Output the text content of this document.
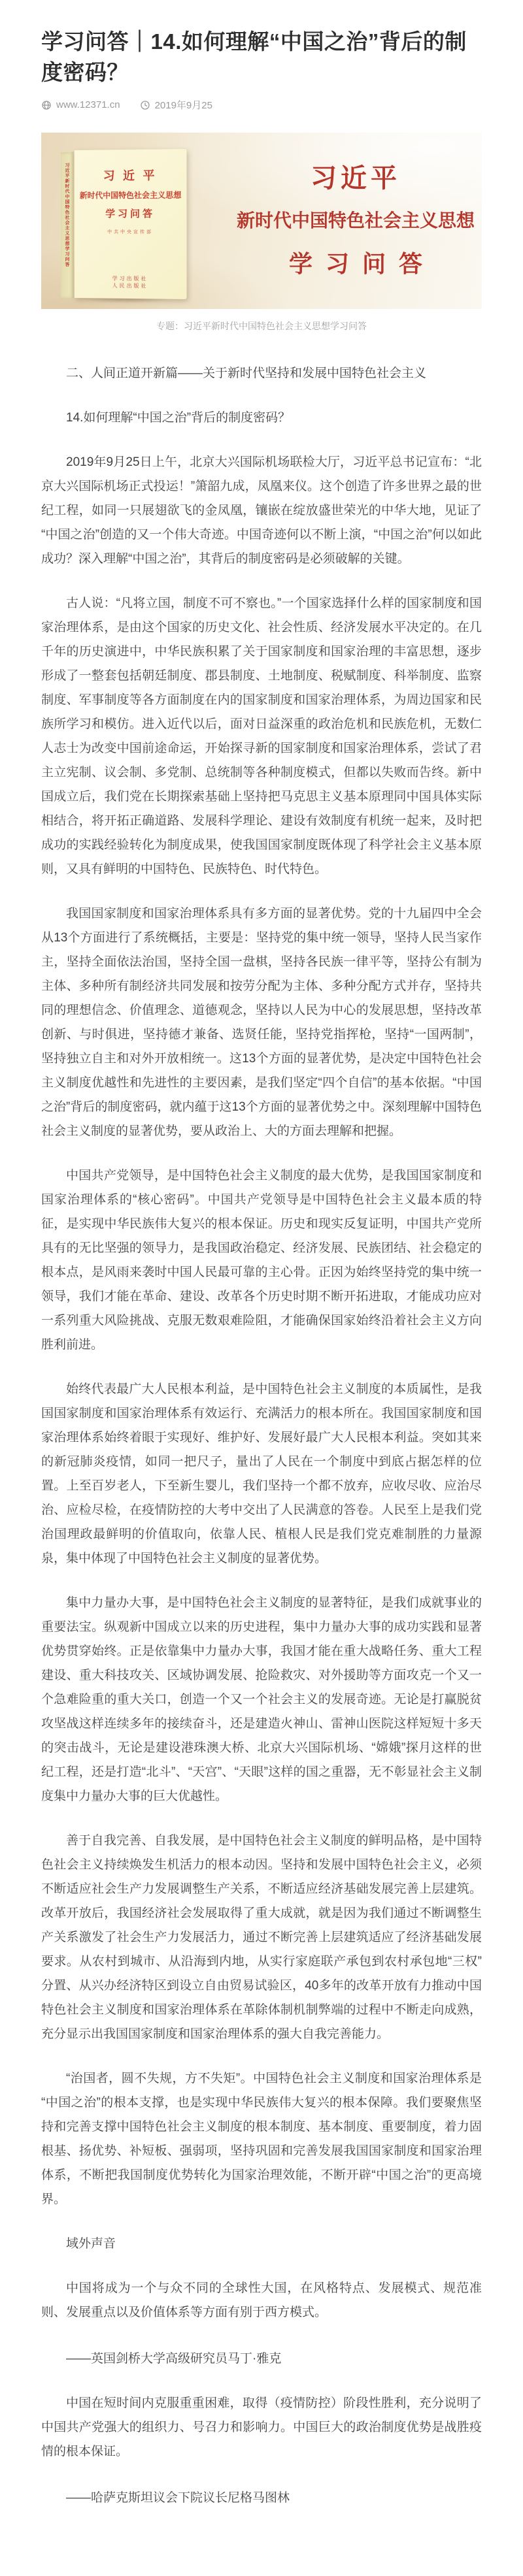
学习问答｜14.如何理解“中国之治”背后的制度密码？
www.12371.cn	2019年9月25
习近平新时代中国特色社会主义思想学习问答	习 近 平
新时代中国特色社会主义思想
学习问答
中共中央宣传部
学习出版社
人民出版社
习近平
新时代中国特色社会主义思想
学习问答
专题：习近平新时代中国特色社会主义思想学习问答

二、人间正道开新篇——关于新时代坚持和发展中国特色社会主义

14.如何理解“中国之治”背后的制度密码？

2019年9月25日上午，北京大兴国际机场联检大厅，习近平总书记宣布：“北京大兴国际机场正式投运！”箫韶九成，凤凰来仪。这个创造了许多世界之最的世纪工程，如同一只展翅欲飞的金凤凰，镶嵌在绽放盛世荣光的中华大地，见证了“中国之治”创造的又一个伟大奇迹。中国奇迹何以不断上演，“中国之治”何以如此成功？深入理解“中国之治”，其背后的制度密码是必须破解的关键。

古人说：“凡将立国，制度不可不察也。”一个国家选择什么样的国家制度和国家治理体系，是由这个国家的历史文化、社会性质、经济发展水平决定的。在几千年的历史演进中，中华民族积累了关于国家制度和国家治理的丰富思想，逐步形成了一整套包括朝廷制度、郡县制度、土地制度、税赋制度、科举制度、监察制度、军事制度等各方面制度在内的国家制度和国家治理体系，为周边国家和民族所学习和模仿。进入近代以后，面对日益深重的政治危机和民族危机，无数仁人志士为改变中国前途命运，开始探寻新的国家制度和国家治理体系，尝试了君主立宪制、议会制、多党制、总统制等各种制度模式，但都以失败而告终。新中国成立后，我们党在长期探索基础上坚持把马克思主义基本原理同中国具体实际相结合，将开拓正确道路、发展科学理论、建设有效制度有机统一起来，及时把成功的实践经验转化为制度成果，使我国国家制度既体现了科学社会主义基本原则，又具有鲜明的中国特色、民族特色、时代特色。

我国国家制度和国家治理体系具有多方面的显著优势。党的十九届四中全会从13个方面进行了系统概括，主要是：坚持党的集中统一领导，坚持人民当家作主，坚持全面依法治国，坚持全国一盘棋，坚持各民族一律平等，坚持公有制为主体、多种所有制经济共同发展和按劳分配为主体、多种分配方式并存，坚持共同的理想信念、价值理念、道德观念，坚持以人民为中心的发展思想，坚持改革创新、与时俱进，坚持德才兼备、选贤任能，坚持党指挥枪，坚持“一国两制”，坚持独立自主和对外开放相统一。这13个方面的显著优势，是决定中国特色社会主义制度优越性和先进性的主要因素，是我们坚定“四个自信”的基本依据。“中国之治”背后的制度密码，就内蕴于这13个方面的显著优势之中。深刻理解中国特色社会主义制度的显著优势，要从政治上、大的方面去理解和把握。

中国共产党领导，是中国特色社会主义制度的最大优势，是我国国家制度和国家治理体系的“核心密码”。中国共产党领导是中国特色社会主义最本质的特征，是实现中华民族伟大复兴的根本保证。历史和现实反复证明，中国共产党所具有的无比坚强的领导力，是我国政治稳定、经济发展、民族团结、社会稳定的根本点，是风雨来袭时中国人民最可靠的主心骨。正因为始终坚持党的集中统一领导，我们才能在革命、建设、改革各个历史时期不断开拓进取，才能成功应对一系列重大风险挑战、克服无数艰难险阻，才能确保国家始终沿着社会主义方向胜利前进。

始终代表最广大人民根本利益，是中国特色社会主义制度的本质属性，是我国国家制度和国家治理体系有效运行、充满活力的根本所在。我国国家制度和国家治理体系始终着眼于实现好、维护好、发展好最广大人民根本利益。突如其来的新冠肺炎疫情，如同一把尺子，量出了人民在一个制度中到底占据怎样的位置。上至百岁老人，下至新生婴儿，我们坚持一个都不放弃，应收尽收、应治尽治、应检尽检，在疫情防控的大考中交出了人民满意的答卷。人民至上是我们党治国理政最鲜明的价值取向，依靠人民、植根人民是我们党克难制胜的力量源泉，集中体现了中国特色社会主义制度的显著优势。

集中力量办大事，是中国特色社会主义制度的显著特征，是我们成就事业的重要法宝。纵观新中国成立以来的历史进程，集中力量办大事的成功实践和显著优势贯穿始终。正是依靠集中力量办大事，我国才能在重大战略任务、重大工程建设、重大科技攻关、区域协调发展、抢险救灾、对外援助等方面攻克一个又一个急难险重的重大关口，创造一个又一个社会主义的发展奇迹。无论是打赢脱贫攻坚战这样连续多年的接续奋斗，还是建造火神山、雷神山医院这样短短十多天的突击战斗，无论是建设港珠澳大桥、北京大兴国际机场、“嫦娥”探月这样的世纪工程，还是打造“北斗”、“天宫”、“天眼”这样的国之重器，无不彰显社会主义制度集中力量办大事的巨大优越性。

善于自我完善、自我发展，是中国特色社会主义制度的鲜明品格，是中国特色社会主义持续焕发生机活力的根本动因。坚持和发展中国特色社会主义，必须不断适应社会生产力发展调整生产关系，不断适应经济基础发展完善上层建筑。改革开放后，我国经济社会发展取得了重大成就，就是因为我们通过不断调整生产关系激发了社会生产力发展活力，通过不断完善上层建筑适应了经济基础发展要求。从农村到城市、从沿海到内地，从实行家庭联产承包到农村承包地“三权”分置、从兴办经济特区到设立自由贸易试验区，40多年的改革开放有力推动中国特色社会主义制度和国家治理体系在革除体制机制弊端的过程中不断走向成熟，充分显示出我国国家制度和国家治理体系的强大自我完善能力。

“治国者，圆不失规，方不失矩”。中国特色社会主义制度和国家治理体系是“中国之治”的根本支撑，也是实现中华民族伟大复兴的根本保障。我们要聚焦坚持和完善支撑中国特色社会主义制度的根本制度、基本制度、重要制度，着力固根基、扬优势、补短板、强弱项，坚持巩固和完善发展我国国家制度和国家治理体系，不断把我国制度优势转化为国家治理效能，不断开辟“中国之治”的更高境界。

域外声音

中国将成为一个与众不同的全球性大国，在风格特点、发展模式、规范准则、发展重点以及价值体系等方面有别于西方模式。

——英国剑桥大学高级研究员马丁·雅克

中国在短时间内克服重重困难，取得（疫情防控）阶段性胜利，充分说明了中国共产党强大的组织力、号召力和影响力。中国巨大的政治制度优势是战胜疫情的根本保证。

——哈萨克斯坦议会下院议长尼格马图林
